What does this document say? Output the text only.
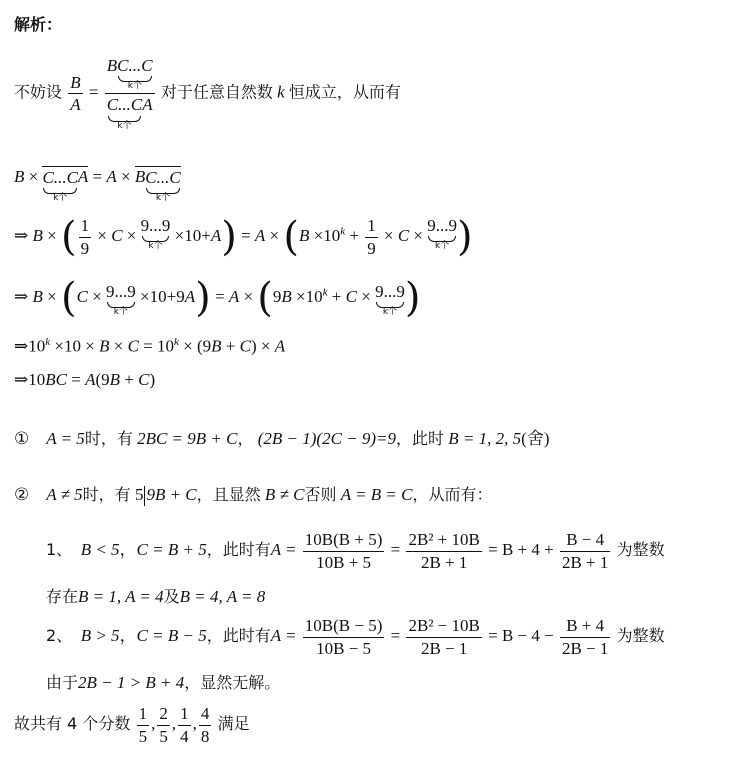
解析：
不妨设 $\frac{B}{A} = B$ C...C
k个
C...C
k个
A 对于任意自然数 k 恒成立，从而有
B × C...C
k个
A = A × B C...C
k个
⇒ B × ( $\frac{1}{9} \times C$ ×
9...9
k个
$\times 10+A) = A \times (B \times 10^k + \frac{1}{9} \times C$ ×
9...9
k个 )
⇒ B × (C × 9...9
k个
$\times 10+9A) = A \times (9B \times 10^k + C \times 9...9$
k个 )
$\Rightarrow 10^k \times 10 \times B \times C = 10^k \times (9B + C) \times A$
⇒10BC = A(9B + C)
① A = 5时，有 2BC = 9B + C， (2B − 1)(2C − 9)=9，此时 B = 1, 2, 5(舍)
② A ≠ 5时，有 5 9B + C，且显然 B ≠ C否则 A = B = C，从而有：
1、 B < 5，C = B + 5，此时有$A = \frac{10B(B + 5)}{10B + 5} = \frac{\text{2B² + 10B}}{2B + 1} = B + 4 + \frac{B - 4}{2B + 1}$ 为整数
存在B = 1, A = 4及B = 4, A = 8
2、 B > 5，C = B − 5，此时有$A = \frac{10B(B - 5)}{10B - 5} = \frac{\text{2B² − 10B}}{2B - 1} = B - 4 - \frac{B + 4}{2B - 1}$ 为整数
由于2B − 1 > B + 4，显然无解。
故共有 4 个分数 $\frac{1}{5}$ , $\frac{2}{5}$ , $\frac{1}{4}$ , $\frac{4}{8}$ 满足
